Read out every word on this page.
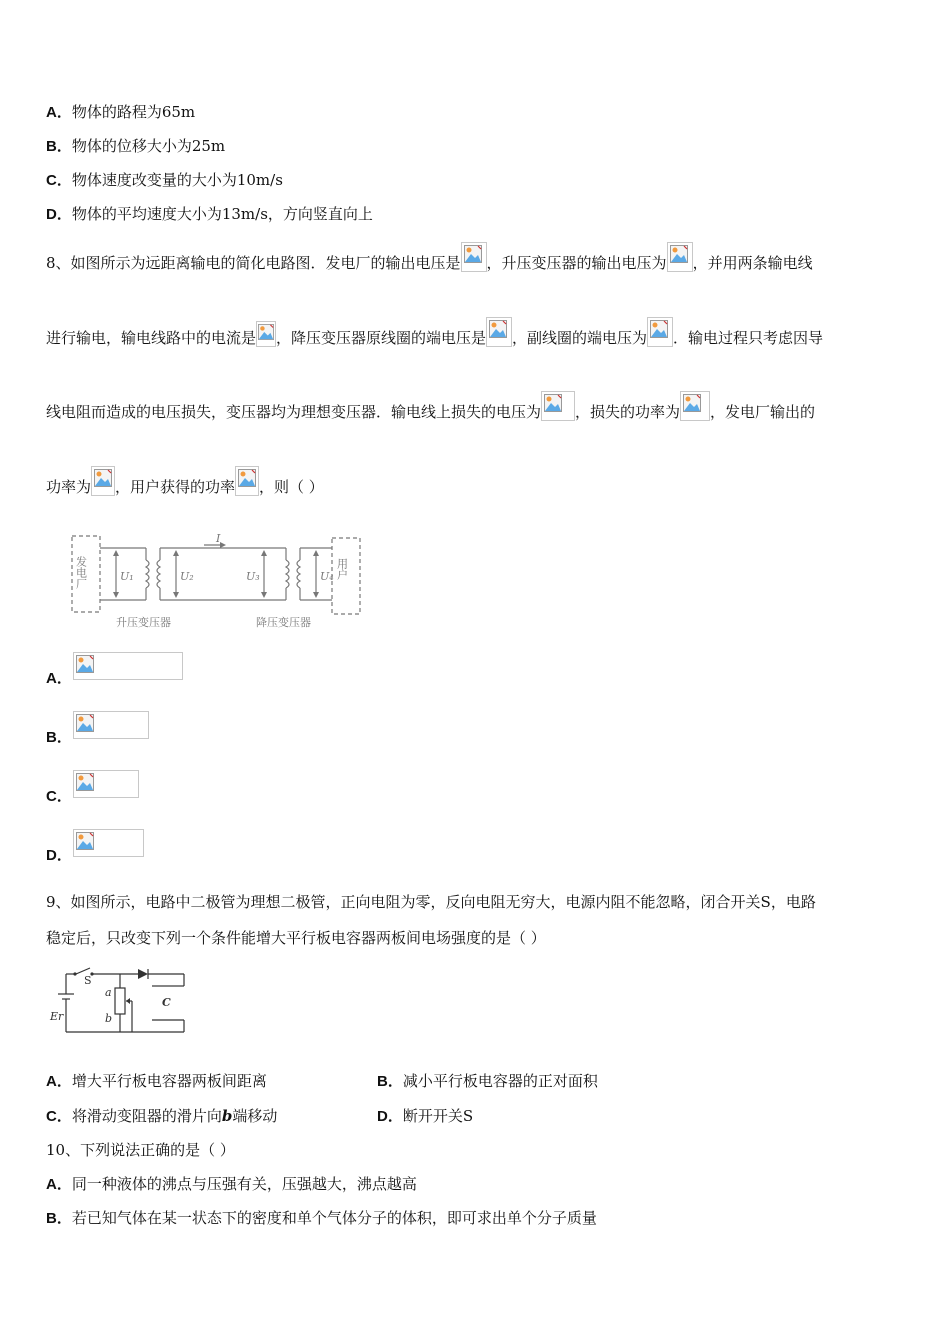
A．物体的路程为65m
B．物体的位移大小为25m
C．物体速度改变量的大小为10m/s
D．物体的平均速度大小为13m/s，方向竖直向上
8、如图所示为远距离输电的简化电路图．发电厂的输出电压是 ，升压变压器的输出电压为 ，并用两条输电线
进行输电，输电线路中的电流是 ，降压变压器原线圈的端电压是 ，副线圈的端电压为 ．输电过程只考虑因导
线电阻而造成的电压损失，变压器均为理想变压器．输电线上损失的电压为 ，损失的功率为 ，发电厂输出的
功率为 ，用户获得的功率 ，则（ ）
发电厂	用户
I
U₁	U₂	U₃	U₄
升压变压器	降压变压器
A．
B．
C．
D．
9、如图所示，电路中二极管为理想二极管，正向电阻为零，反向电阻无穷大，电源内阻不能忽略，闭合开关S，电路
稳定后，只改变下列一个条件能增大平行板电容器两板间电场强度的是（ ）
S
a
b
C
Er
A．增大平行板电容器两板间距离	B．减小平行板电容器的正对面积
C．将滑动变阻器的滑片向b端移动	D．断开开关S
10、下列说法正确的是（ ）
A．同一种液体的沸点与压强有关，压强越大，沸点越高
B．若已知气体在某一状态下的密度和单个气体分子的体积，即可求出单个分子质量
